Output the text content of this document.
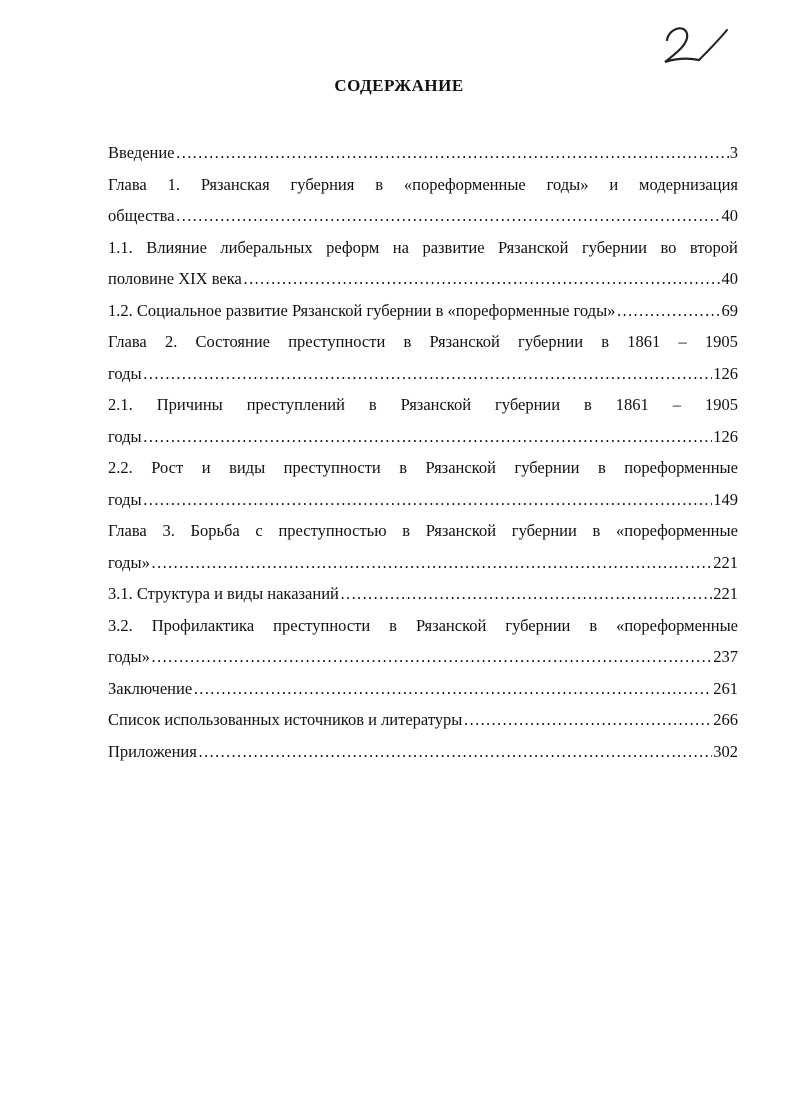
СОДЕРЖАНИЕ
Введение ……………………………………………………………………………………………………………………………………………………………………	3
Глава 1. Рязанская губерния в «пореформенные годы» и модернизация
общества ……………………………………………………………………………………………………………………………………………………………………	40
1.1. Влияние либеральных реформ на развитие Рязанской губернии во второй
половине XIX века ……………………………………………………………………………………………………………………………………………………………………	40
1.2. Социальное развитие Рязанской губернии в «пореформенные годы» ……………………………………………………………………………………………………………………………………………………………………	69
Глава 2. Состояние преступности в Рязанской губернии в 1861 – 1905
годы ……………………………………………………………………………………………………………………………………………………………………	126
2.1. Причины преступлений в Рязанской губернии в 1861 – 1905
годы ……………………………………………………………………………………………………………………………………………………………………	126
2.2. Рост и виды преступности в Рязанской губернии в пореформенные
годы ……………………………………………………………………………………………………………………………………………………………………	149
Глава 3. Борьба с преступностью в Рязанской губернии в «пореформенные
годы» ……………………………………………………………………………………………………………………………………………………………………	221
3.1. Структура и виды наказаний ……………………………………………………………………………………………………………………………………………………………………	221
3.2. Профилактика преступности в Рязанской губернии в «пореформенные
годы» ……………………………………………………………………………………………………………………………………………………………………	237
Заключение ……………………………………………………………………………………………………………………………………………………………………	261
Список использованных источников и литературы ……………………………………………………………………………………………………………………………………………………………………	266
Приложения ……………………………………………………………………………………………………………………………………………………………………	302
